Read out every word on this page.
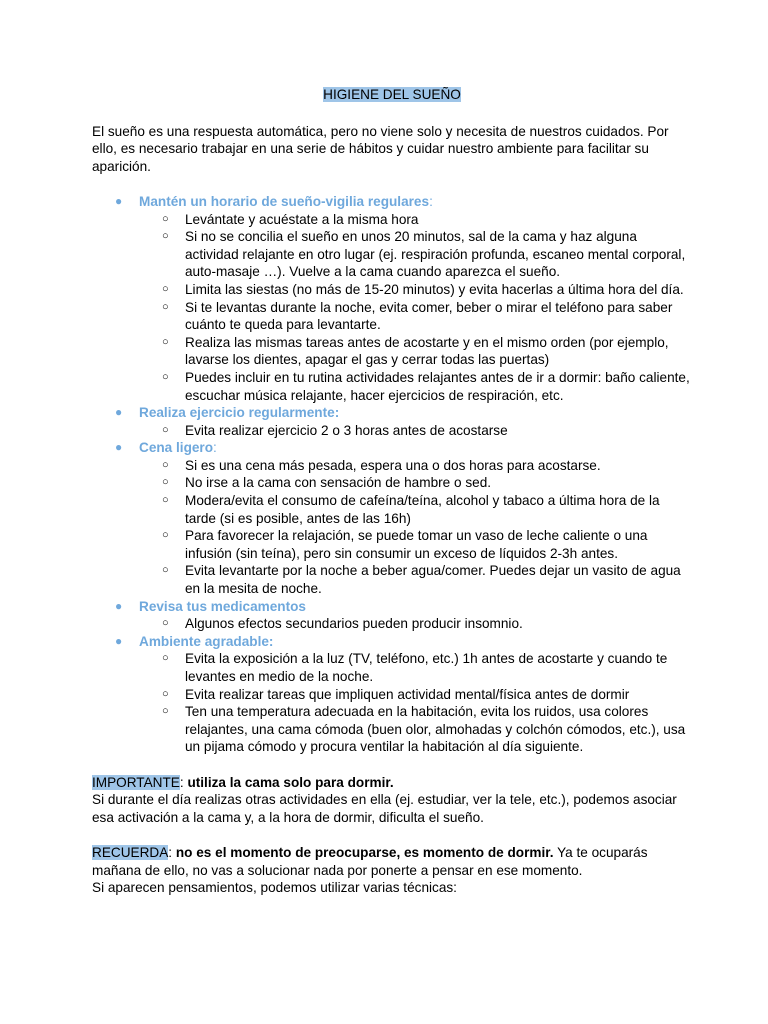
HIGIENE DEL SUEÑO

El sueño es una respuesta automática, pero no viene solo y necesita de nuestros cuidados. Por ello, es necesario trabajar en una serie de hábitos y cuidar nuestro ambiente para facilitar su aparición.

● Mantén un horario de sueño-vigilia regulares:
○ Levántate y acuéstate a la misma hora
○ Si no se concilia el sueño en unos 20 minutos, sal de la cama y haz alguna actividad relajante en otro lugar (ej. respiración profunda, escaneo mental corporal, auto-masaje …). Vuelve a la cama cuando aparezca el sueño.
○ Limita las siestas (no más de 15-20 minutos) y evita hacerlas a última hora del día.
○ Si te levantas durante la noche, evita comer, beber o mirar el teléfono para saber cuánto te queda para levantarte.
○ Realiza las mismas tareas antes de acostarte y en el mismo orden (por ejemplo, lavarse los dientes, apagar el gas y cerrar todas las puertas)
○ Puedes incluir en tu rutina actividades relajantes antes de ir a dormir: baño caliente, escuchar música relajante, hacer ejercicios de respiración, etc.
● Realiza ejercicio regularmente:
○ Evita realizar ejercicio 2 o 3 horas antes de acostarse
● Cena ligero:
○ Si es una cena más pesada, espera una o dos horas para acostarse.
○ No irse a la cama con sensación de hambre o sed.
○ Modera/evita el consumo de cafeína/teína, alcohol y tabaco a última hora de la tarde (si es posible, antes de las 16h)
○ Para favorecer la relajación, se puede tomar un vaso de leche caliente o una infusión (sin teína), pero sin consumir un exceso de líquidos 2-3h antes.
○ Evita levantarte por la noche a beber agua/comer. Puedes dejar un vasito de agua en la mesita de noche.
● Revisa tus medicamentos
○ Algunos efectos secundarios pueden producir insomnio.
● Ambiente agradable:
○ Evita la exposición a la luz (TV, teléfono, etc.) 1h antes de acostarte y cuando te levantes en medio de la noche.
○ Evita realizar tareas que impliquen actividad mental/física antes de dormir
○ Ten una temperatura adecuada en la habitación, evita los ruidos, usa colores relajantes, una cama cómoda (buen olor, almohadas y colchón cómodos, etc.), usa un pijama cómodo y procura ventilar la habitación al día siguiente.

IMPORTANTE: utiliza la cama solo para dormir.

Si durante el día realizas otras actividades en ella (ej. estudiar, ver la tele, etc.), podemos asociar esa activación a la cama y, a la hora de dormir, dificulta el sueño.

RECUERDA: no es el momento de preocuparse, es momento de dormir. Ya te ocuparás mañana de ello, no vas a solucionar nada por ponerte a pensar en ese momento.

Si aparecen pensamientos, podemos utilizar varias técnicas:
